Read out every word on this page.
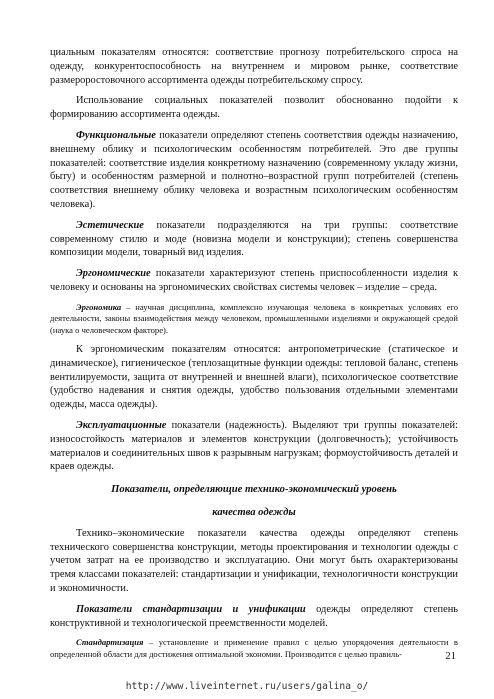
циальным показателям относятся: соответствие прогнозу потребительского спроса на одежду, конкурентоспособность на внутреннем и мировом рынке, соответствие размероростовочного ассортимента одежды потребительскому спросу.

Использование социальных показателей позволит обоснованно подойти к формированию ассортимента одежды.

Функциональные показатели определяют степень соответствия одежды назначению, внешнему облику и психологическим особенностям потребителей. Это две группы показателей: соответствие изделия конкретному назначению (современному укладу жизни, быту) и особенностям размерной и полнотно–возрастной групп потребителей (степень соответствия внешнему облику человека и возрастным психологическим особенностям человека).

Эстетические показатели подразделяются на три группы: соответствие современному стилю и моде (новизна модели и конструкции); степень совершенства композиции модели, товарный вид изделия.

Эргономические показатели характеризуют степень приспособленности изделия к человеку и основаны на эргономических свойствах системы человек – изделие – среда.

Эргономика – научная дисциплина, комплексно изучающая человека в конкретных условиях его деятельности, законы взаимодействия между человеком, промышленными изделиями и окружающей средой (наука о человеческом факторе).

К эргономическим показателям относятся: антропометрические (статическое и динамическое), гигиеническое (теплозащитные функции одежды: тепловой баланс, степень вентилируемости, защита от внутренней и внешней влаги), психологическое соответствие (удобство надевания и снятия одежды, удобство пользования отдельными элементами одежды, масса одежды).

Эксплуатационные показатели (надежность). Выделяют три группы показателей: износостойкость материалов и элементов конструкции (долговечность); устойчивость материалов и соединительных швов к разрывным нагрузкам; формоустойчивость деталей и краев одежды.

Показатели, определяющие технико-экономический уровень

качества одежды

Технико–экономические показатели качества одежды определяют степень технического совершенства конструкции, методы проектирования и технологии одежды с учетом затрат на ее производство и эксплуатацию. Они могут быть охарактеризованы тремя классами показателей: стандартизации и унификации, технологичности конструкции и экономичности.

Показатели стандартизации и унификации одежды определяют степень конструктивной и технологической преемственности моделей.

Стандартизация – установление и применение правил с целью упорядочения деятельности в определенной области для достижения оптимальной экономии. Производится с целью правиль-	21
http://www.liveinternet.ru/users/galina_o/
